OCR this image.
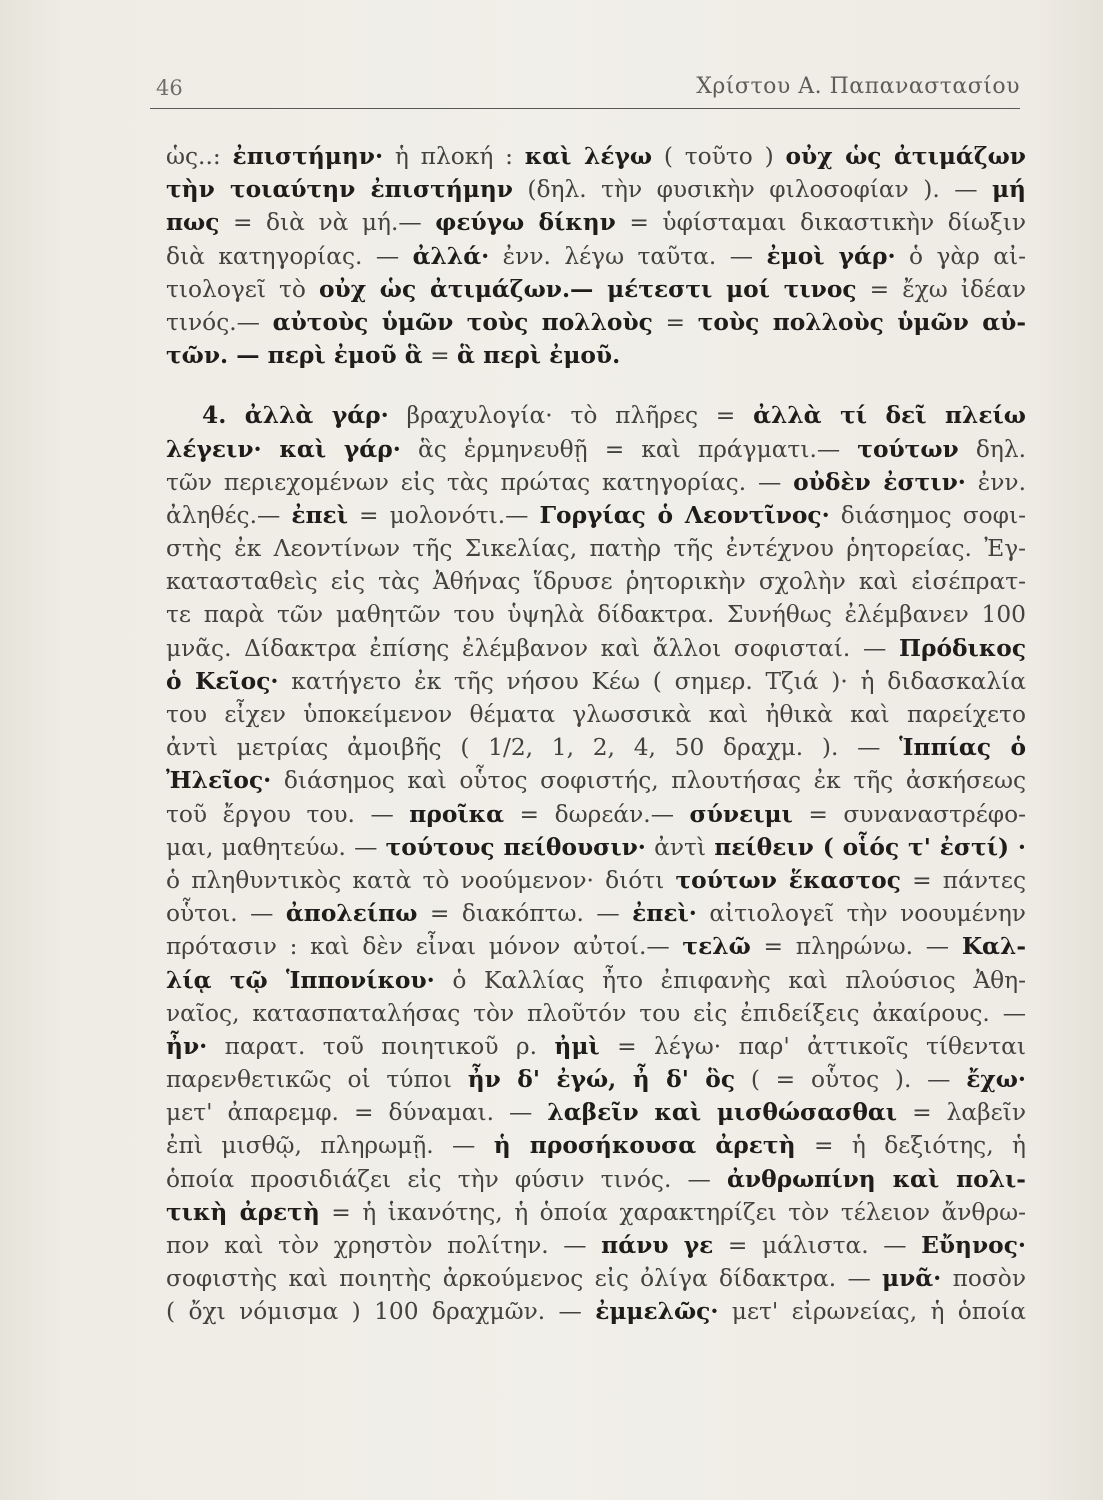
46	Χρίστου Α. Παπαναστασίου
ὡς..: ἐπιστήμην· ἡ πλοκή : καὶ λέγω ( τοῦτο ) οὐχ ὡς ἀτιμάζων
τὴν τοιαύτην ἐπιστήμην (δηλ. τὴν φυσικὴν φιλοσοφίαν ). — μή
πως = διὰ νὰ μή.— φεύγω δίκην = ὑφίσταμαι δικαστικὴν δίωξιν
διὰ κατηγορίας. — ἀλλά· ἐνν. λέγω ταῦτα. — ἐμοὶ γάρ· ὁ γὰρ αἰ-
τιολογεῖ τὸ οὐχ ὡς ἀτιμάζων.— μέτεστι μοί τινος = ἔχω ἰδέαν
τινός.— αὐτοὺς ὑμῶν τοὺς πολλοὺς = τοὺς πολλοὺς ὑμῶν αὐ-
τῶν. — περὶ ἐμοῦ ἃ = ἃ περὶ ἐμοῦ.
4. ἀλλὰ γάρ· βραχυλογία· τὸ πλῆρες = ἀλλὰ τί δεῖ πλείω
λέγειν· καὶ γάρ· ἃς ἑρμηνευθῇ = καὶ πράγματι.— τούτων δηλ.
τῶν περιεχομένων εἰς τὰς πρώτας κατηγορίας. — οὐδὲν ἐστιν· ἐνν.
ἀληθές.— ἐπεὶ = μολονότι.— Γοργίας ὁ Λεοντῖνος· διάσημος σοφι-
στὴς ἐκ Λεοντίνων τῆς Σικελίας, πατὴρ τῆς ἐντέχνου ῥητορείας. Ἐγ-
κατασταθεὶς εἰς τὰς Ἀθήνας ἵδρυσε ῥητορικὴν σχολὴν καὶ εἰσέπρατ-
τε παρὰ τῶν μαθητῶν του ὑψηλὰ δίδακτρα. Συνήθως ἐλέμβανεν 100
μνᾶς. Δίδακτρα ἐπίσης ἐλέμβανον καὶ ἄλλοι σοφισταί. — Πρόδικος
ὁ Κεῖος· κατήγετο ἐκ τῆς νήσου Κέω ( σημερ. Τζιά )· ἡ διδασκαλία
του εἶχεν ὑποκείμενον θέματα γλωσσικὰ καὶ ἠθικὰ καὶ παρείχετο
ἀντὶ μετρίας ἀμοιβῆς ( 1/2, 1, 2, 4, 50 δραχμ. ). — Ἱππίας ὁ
Ἠλεῖος· διάσημος καὶ οὗτος σοφιστής, πλουτήσας ἐκ τῆς ἀσκήσεως
τοῦ ἔργου του. — προῖκα = δωρεάν.— σύνειμι = συναναστρέφο-
μαι, μαθητεύω. — τούτους πείθουσιν· ἀντὶ πείθειν ( οἷός τ' ἐστί) ·
ὁ πληθυντικὸς κατὰ τὸ νοούμενον· διότι τούτων ἕκαστος = πάντες
οὗτοι. — ἀπολείπω = διακόπτω. — ἐπεὶ· αἰτιολογεῖ τὴν νοουμένην
πρότασιν : καὶ δὲν εἶναι μόνον αὐτοί.— τελῶ = πληρώνω. — Καλ-
λίᾳ τῷ Ἱππονίκου· ὁ Καλλίας ἦτο ἐπιφανὴς καὶ πλούσιος Ἀθη-
ναῖος, κατασπαταλήσας τὸν πλοῦτόν του εἰς ἐπιδείξεις ἀκαίρους. —
ἦν· παρατ. τοῦ ποιητικοῦ ρ. ἠμὶ = λέγω· παρ' ἀττικοῖς τίθενται
παρενθετικῶς οἱ τύποι ἦν δ' ἐγώ, ἦ δ' ὃς ( = οὗτος ). — ἔχω·
μετ' ἀπαρεμφ. = δύναμαι. — λαβεῖν καὶ μισθώσασθαι = λαβεῖν
ἐπὶ μισθῷ, πληρωμῇ. — ἡ προσήκουσα ἀρετὴ = ἡ δεξιότης, ἡ
ὁποία προσιδιάζει εἰς τὴν φύσιν τινός. — ἀνθρωπίνη καὶ πολι-
τικὴ ἀρετὴ = ἡ ἱκανότης, ἡ ὁποία χαρακτηρίζει τὸν τέλειον ἄνθρω-
πον καὶ τὸν χρηστὸν πολίτην. — πάνυ γε = μάλιστα. — Εὔηνος·
σοφιστὴς καὶ ποιητὴς ἀρκούμενος εἰς ὀλίγα δίδακτρα. — μνᾶ· ποσὸν
( ὄχι νόμισμα ) 100 δραχμῶν. — ἐμμελῶς· μετ' εἰρωνείας, ἡ ὁποία
